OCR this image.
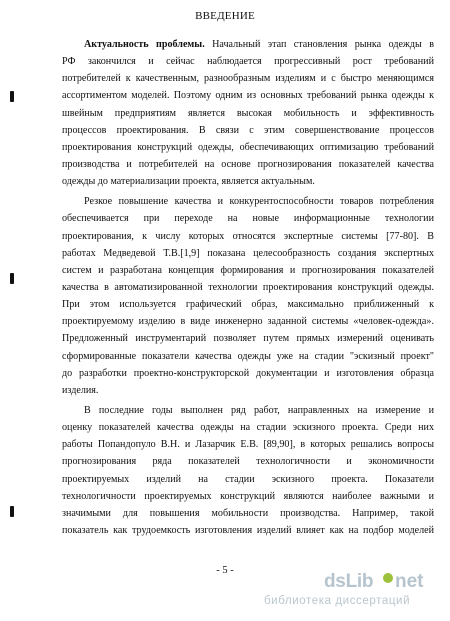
ВВЕДЕНИЕ
Актуальность проблемы. Начальный этап становления рынка одежды в
РФ закончился и сейчас наблюдается прогрессивный рост требований
потребителей к качественным, разнообразным изделиям и с быстро меняющимся
ассортиментом моделей. Поэтому одним из основных требований рынка одежды к
швейным предприятиям является высокая мобильность и эффективность
процессов проектирования. В связи с этим совершенствование процессов
проектирования конструкций одежды, обеспечивающих оптимизацию требований
производства и потребителей на основе прогнозирования показателей качества
одежды до материализации проекта, является актуальным.
Резкое повышение качества и конкурентоспособности товаров потребления
обеспечивается при переходе на новые информационные технологии
проектирования, к числу которых относятся экспертные системы [77-80]. В
работах Медведевой Т.В.[1,9] показана целесообразность создания экспертных
систем и разработана концепция формирования и прогнозирования показателей
качества в автоматизированной технологии проектирования конструкций одежды.
При этом используется графический образ, максимально приближенный к
проектируемому изделию в виде инженерно заданной системы «человек-одежда».
Предложенный инструментарий позволяет путем прямых измерений оценивать
сформированные показатели качества одежды уже на стадии "эскизный проект"
до разработки проектно-конструкторской документации и изготовления образца
изделия.
В последние годы выполнен ряд работ, направленных на измерение и
оценку показателей качества одежды на стадии эскизного проекта. Среди них
работы Попандопуло В.Н. и Лазарчик Е.В. [89,90], в которых решались вопросы
прогнозирования ряда показателей технологичности и экономичности
проектируемых изделий на стадии эскизного проекта. Показатели
технологичности проектируемых конструкций являются наиболее важными и
значимыми для повышения мобильности производства. Например, такой
показатель как трудоемкость изготовления изделий влияет как на подбор моделей
- 5 -
dsLib	net
библиотека диссертаций
